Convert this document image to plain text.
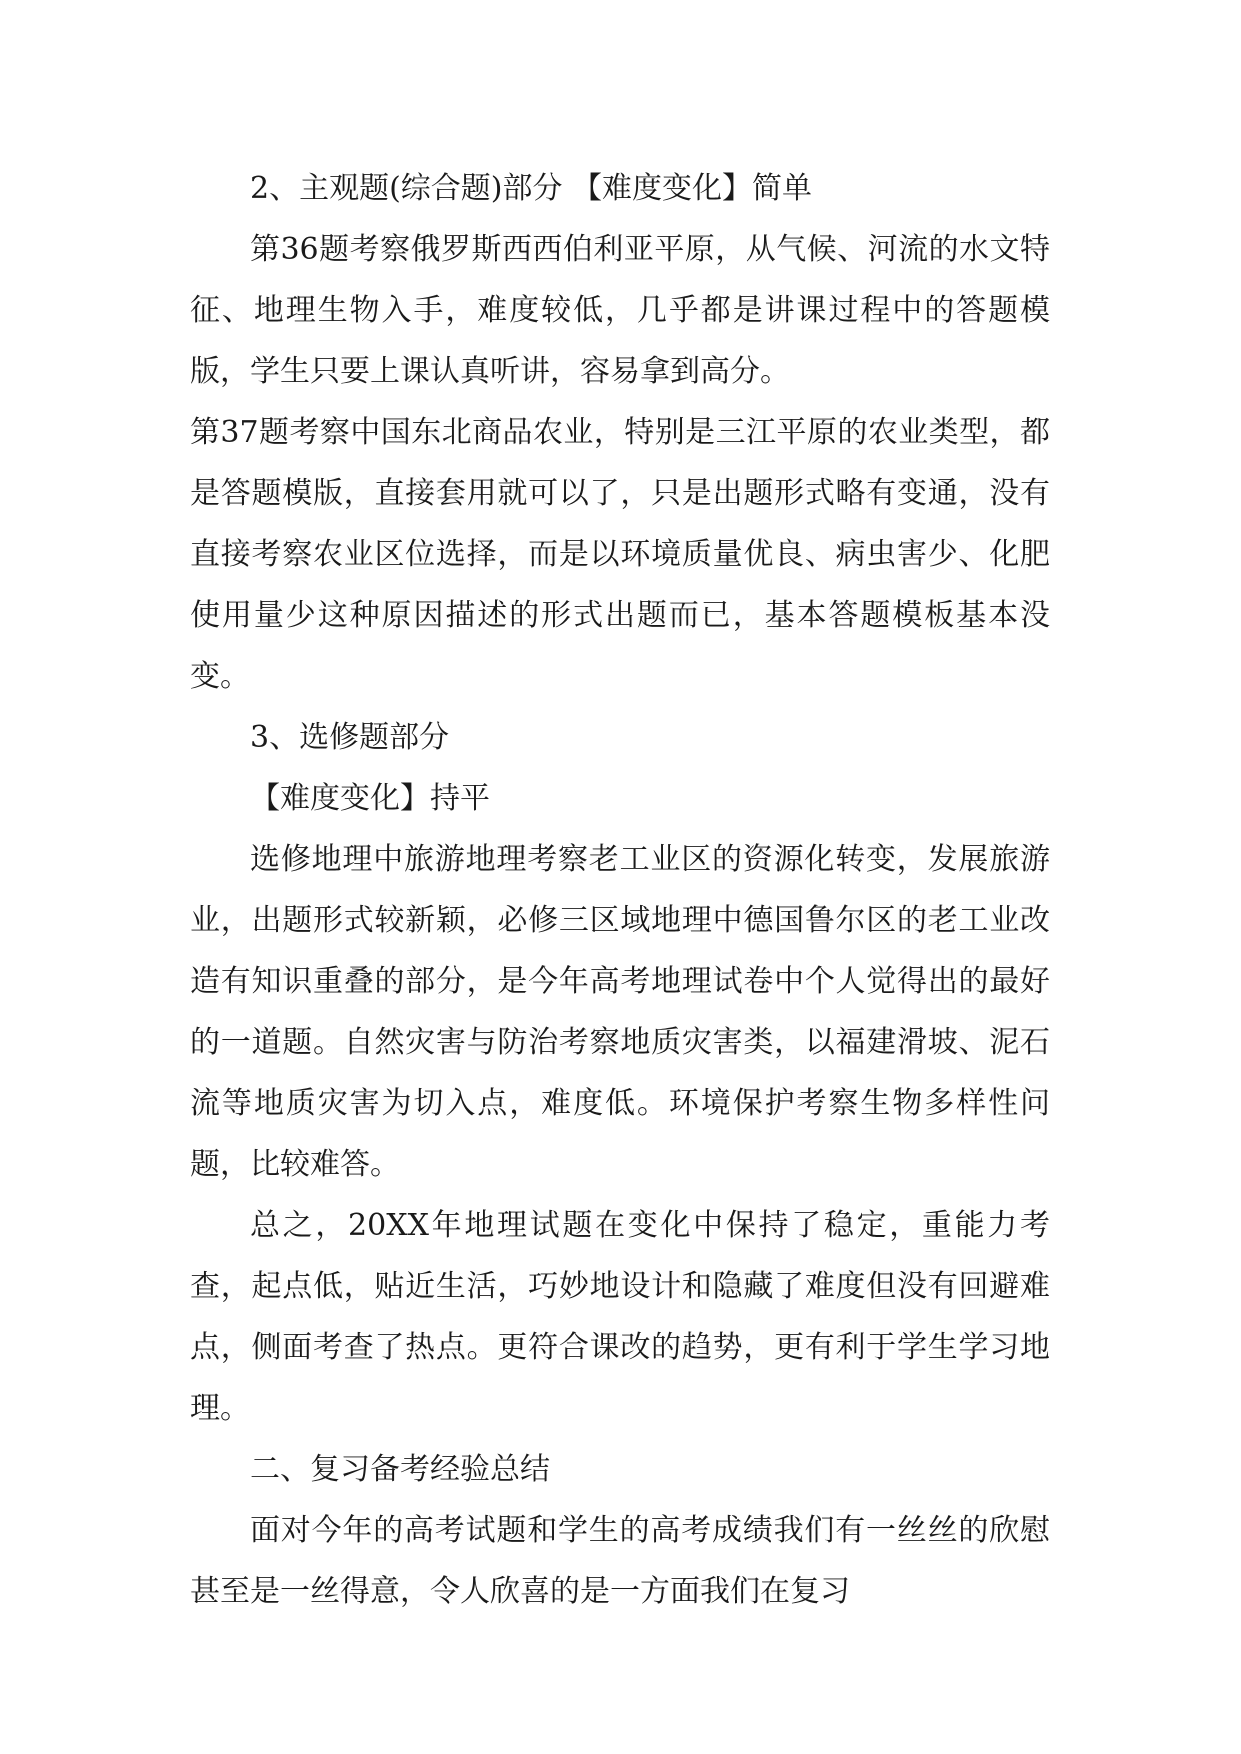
2、主观题(综合题)部分 【难度变化】简单

第36题考察俄罗斯西西伯利亚平原，从气候、河流的水文特征、地理生物入手，难度较低，几乎都是讲课过程中的答题模版，学生只要上课认真听讲，容易拿到高分。

第37题考察中国东北商品农业，特别是三江平原的农业类型，都是答题模版，直接套用就可以了，只是出题形式略有变通，没有直接考察农业区位选择，而是以环境质量优良、病虫害少、化肥使用量少这种原因描述的形式出题而已，基本答题模板基本没变。

3、选修题部分

【难度变化】持平

选修地理中旅游地理考察老工业区的资源化转变，发展旅游业，出题形式较新颖，必修三区域地理中德国鲁尔区的老工业改造有知识重叠的部分，是今年高考地理试卷中个人觉得出的最好的一道题。自然灾害与防治考察地质灾害类，以福建滑坡、泥石流等地质灾害为切入点，难度低。环境保护考察生物多样性问题，比较难答。

总之，20XX年地理试题在变化中保持了稳定，重能力考查，起点低，贴近生活，巧妙地设计和隐藏了难度但没有回避难点，侧面考查了热点。更符合课改的趋势，更有利于学生学习地理。

二、复习备考经验总结

面对今年的高考试题和学生的高考成绩我们有一丝丝的欣慰甚至是一丝得意，令人欣喜的是一方面我们在复习
